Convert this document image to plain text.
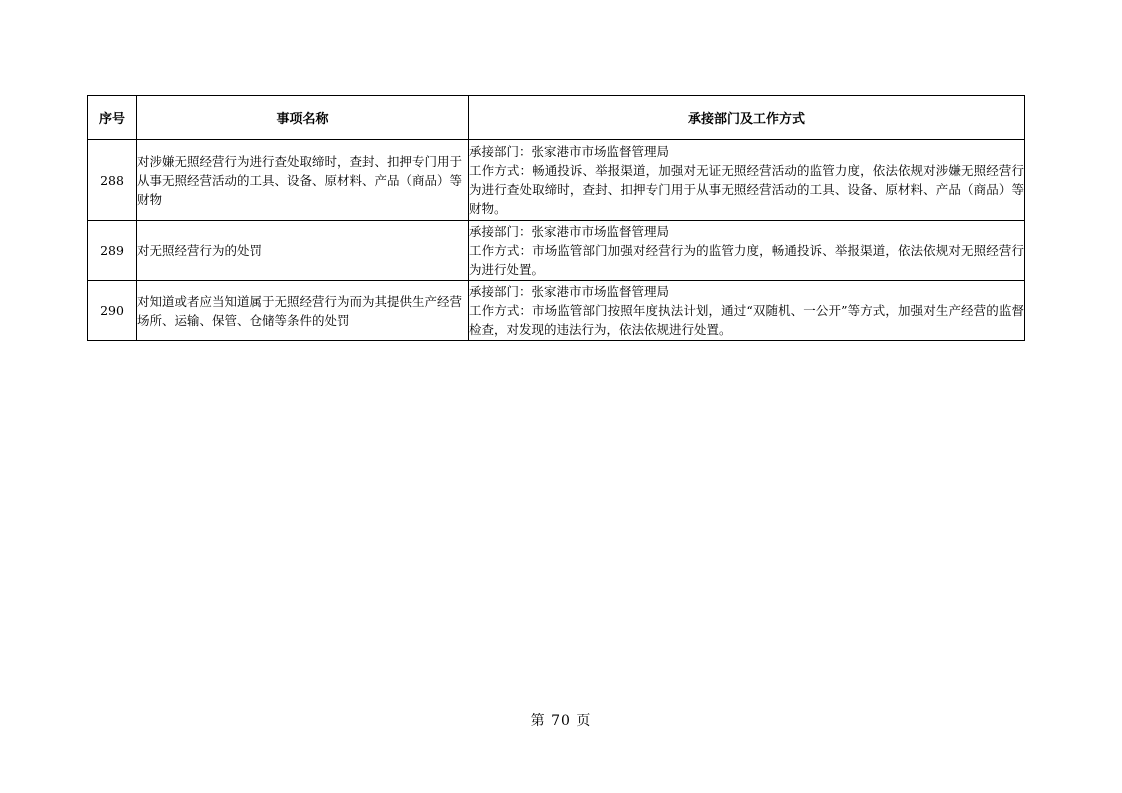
序号	事项名称	承接部门及工作方式
288	对涉嫌无照经营行为进行查处取缔时，查封、扣押专门用于从事无照经营活动的工具、设备、原材料、产品（商品）等财物	承接部门：张家港市市场监督管理局
工作方式：畅通投诉、举报渠道，加强对无证无照经营活动的监管力度，依法依规对涉嫌无照经营行为进行查处取缔时，查封、扣押专门用于从事无照经营活动的工具、设备、原材料、产品（商品）等财物。

289	对无照经营行为的处罚	承接部门：张家港市市场监督管理局
工作方式：市场监管部门加强对经营行为的监管力度，畅通投诉、举报渠道，依法依规对无照经营行为进行处置。

290	对知道或者应当知道属于无照经营行为而为其提供生产经营场所、运输、保管、仓储等条件的处罚	承接部门：张家港市市场监督管理局
工作方式：市场监管部门按照年度执法计划，通过“双随机、一公开”等方式，加强对生产经营的监督检查，对发现的违法行为，依法依规进行处置。
第 70 页
